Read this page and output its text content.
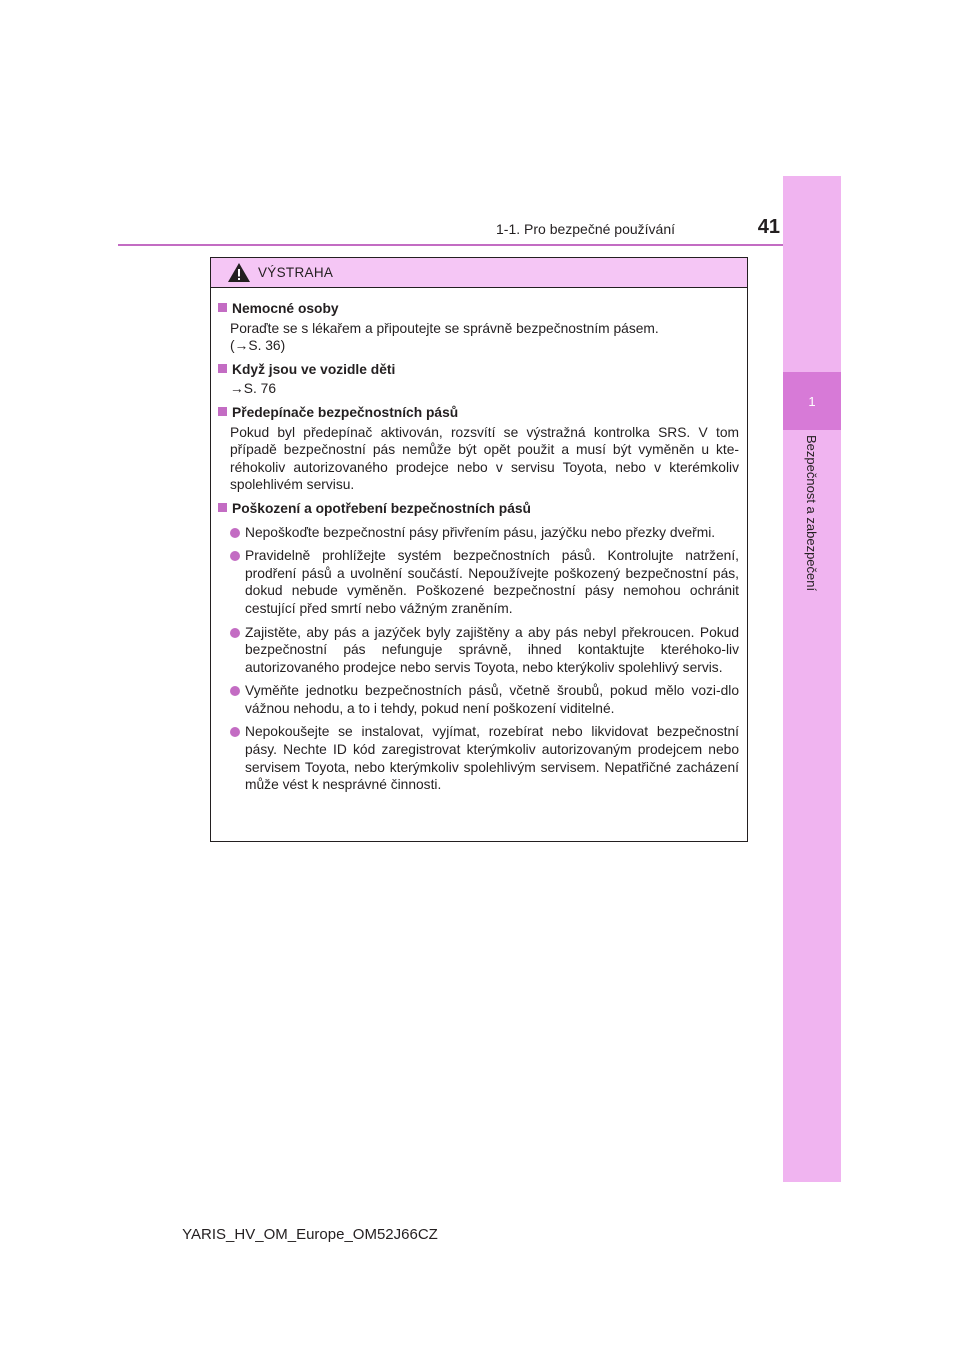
1
Bezpečnost a zabezpečení
1-1. Pro bezpečné používání	41
VÝSTRAHA
Nemocné osoby
Poraďte se s lékařem a připoutejte se správně bezpečnostním pásem.
(→S. 36)
Když jsou ve vozidle děti
→S. 76
Předepínače bezpečnostních pásů
Pokud byl předepínač aktivován, rozsvítí se výstražná kontrolka SRS. V tom případě bezpečnostní pás nemůže být opět použit a musí být vyměněn u kte-réhokoliv autorizovaného prodejce nebo v servisu Toyota, nebo v kterémkoliv spolehlivém servisu.
Poškození a opotřebení bezpečnostních pásů
Nepoškoďte bezpečnostní pásy přivřením pásu, jazýčku nebo přezky dveřmi.
Pravidelně prohlížejte systém bezpečnostních pásů. Kontrolujte natržení, prodření pásů a uvolnění součástí. Nepoužívejte poškozený bezpečnostní pás, dokud nebude vyměněn. Poškozené bezpečnostní pásy nemohou ochránit cestující před smrtí nebo vážným zraněním.
Zajistěte, aby pás a jazýček byly zajištěny a aby pás nebyl překroucen. Pokud bezpečnostní pás nefunguje správně, ihned kontaktujte kteréhoko-liv autorizovaného prodejce nebo servis Toyota, nebo kterýkoliv spolehlivý servis.
Vyměňte jednotku bezpečnostních pásů, včetně šroubů, pokud mělo vozi-dlo vážnou nehodu, a to i tehdy, pokud není poškození viditelné.
Nepokoušejte se instalovat, vyjímat, rozebírat nebo likvidovat bezpečnostní pásy. Nechte ID kód zaregistrovat kterýmkoliv autorizovaným prodejcem nebo servisem Toyota, nebo kterýmkoliv spolehlivým servisem. Nepatřičné zacházení může vést k nesprávné činnosti.
YARIS_HV_OM_Europe_OM52J66CZ
